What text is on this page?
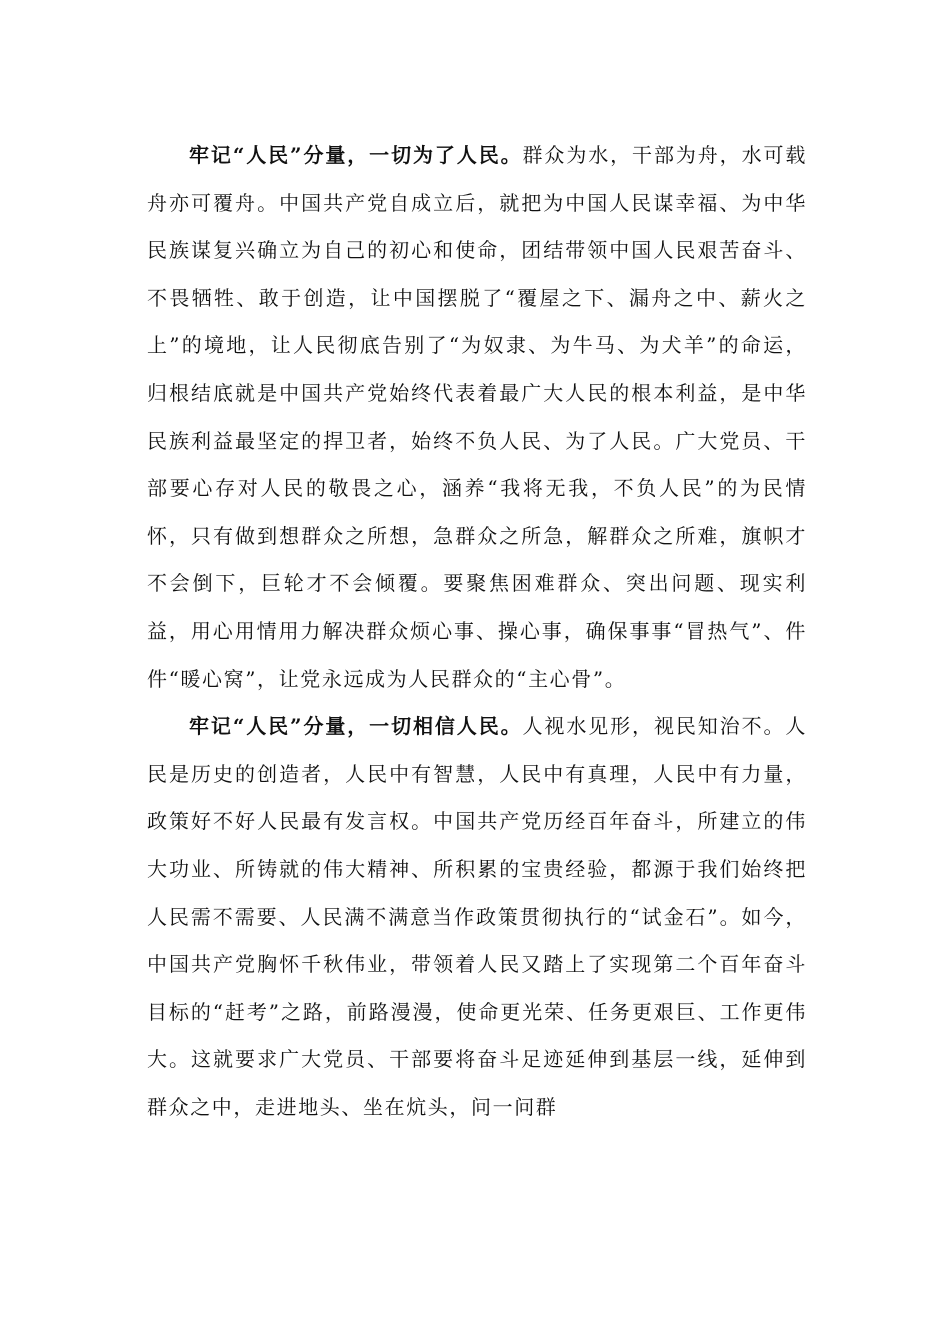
牢记“人民”分量，一切为了人民。群众为水，干部为舟，水可载舟亦可覆舟。中国共产党自成立后，就把为中国人民谋幸福、为中华民族谋复兴确立为自己的初心和使命，团结带领中国人民艰苦奋斗、不畏牺牲、敢于创造，让中国摆脱了“覆屋之下、漏舟之中、薪火之上”的境地，让人民彻底告别了“为奴隶、为牛马、为犬羊”的命运，归根结底就是中国共产党始终代表着最广大人民的根本利益，是中华民族利益最坚定的捍卫者，始终不负人民、为了人民。广大党员、干部要心存对人民的敬畏之心，涵养“我将无我，不负人民”的为民情怀，只有做到想群众之所想，急群众之所急，解群众之所难，旗帜才不会倒下，巨轮才不会倾覆。要聚焦困难群众、突出问题、现实利益，用心用情用力解决群众烦心事、操心事，确保事事“冒热气”、件件“暖心窝”，让党永远成为人民群众的“主心骨”。

牢记“人民”分量，一切相信人民。人视水见形，视民知治不。人民是历史的创造者，人民中有智慧，人民中有真理，人民中有力量，政策好不好人民最有发言权。中国共产党历经百年奋斗，所建立的伟大功业、所铸就的伟大精神、所积累的宝贵经验，都源于我们始终把人民需不需要、人民满不满意当作政策贯彻执行的“试金石”。如今，中国共产党胸怀千秋伟业，带领着人民又踏上了实现第二个百年奋斗目标的“赶考”之路，前路漫漫，使命更光荣、任务更艰巨、工作更伟大。这就要求广大党员、干部要将奋斗足迹延伸到基层一线，延伸到群众之中，走进地头、坐在炕头，问一问群
